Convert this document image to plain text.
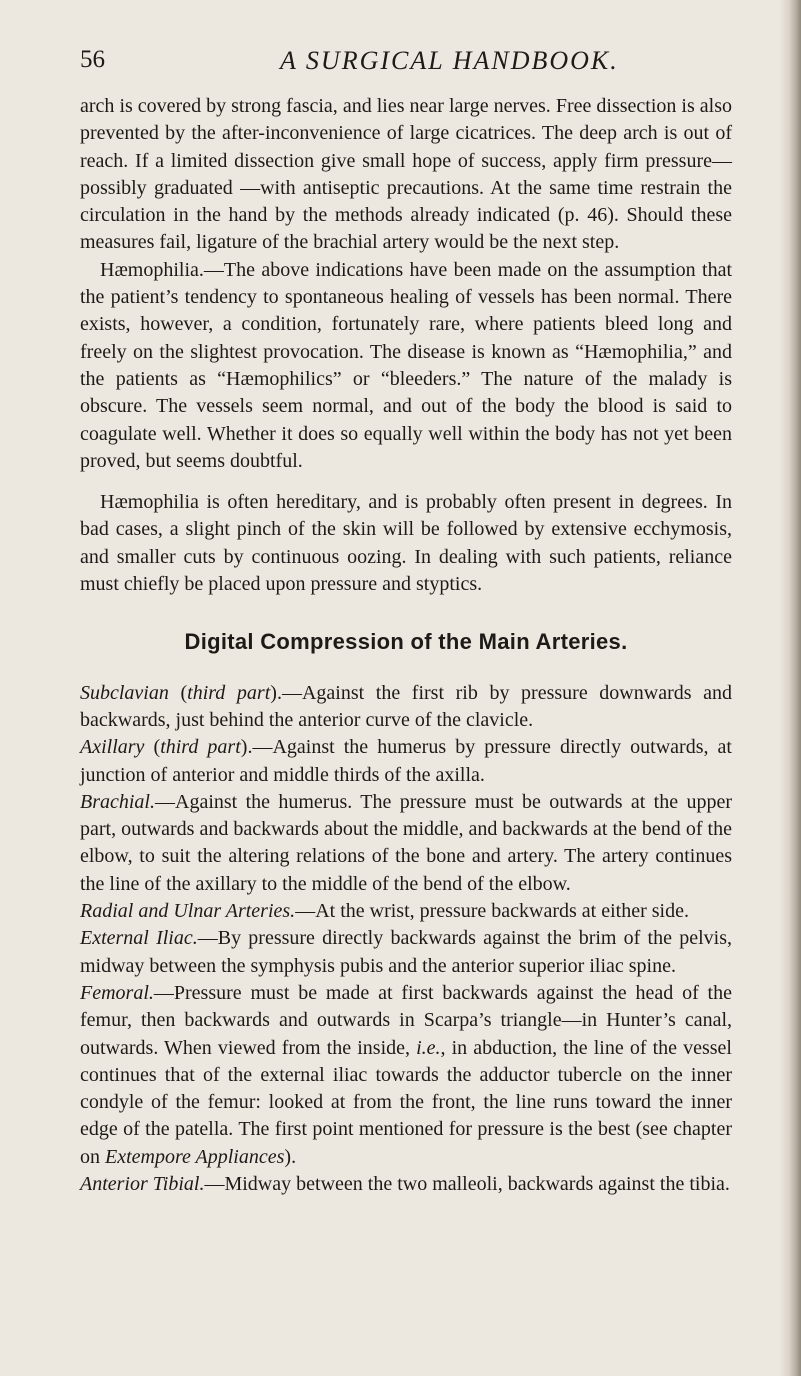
56	A SURGICAL HANDBOOK.

arch is covered by strong fascia, and lies near large nerves. Free dissection is also prevented by the after-inconvenience of large cicatrices. The deep arch is out of reach. If a limited dissection give small hope of success, apply firm pressure—possibly graduated —with antiseptic precautions. At the same time restrain the circulation in the hand by the methods already indicated (p. 46). Should these measures fail, ligature of the brachial artery would be the next step.

Hæmophilia.—The above indications have been made on the assumption that the patient’s tendency to spontaneous healing of vessels has been normal. There exists, however, a condition, fortunately rare, where patients bleed long and freely on the slightest provocation. The disease is known as “Hæmophilia,” and the patients as “Hæmophilics” or “bleeders.” The nature of the malady is obscure. The vessels seem normal, and out of the body the blood is said to coagulate well. Whether it does so equally well within the body has not yet been proved, but seems doubtful.

Hæmophilia is often hereditary, and is probably often present in degrees. In bad cases, a slight pinch of the skin will be followed by extensive ecchymosis, and smaller cuts by continuous oozing. In dealing with such patients, reliance must chiefly be placed upon pressure and styptics.

Digital Compression of the Main Arteries.

Subclavian (third part).—Against the first rib by pressure downwards and backwards, just behind the anterior curve of the clavicle.

Axillary (third part).—Against the humerus by pressure directly outwards, at junction of anterior and middle thirds of the axilla.

Brachial.—Against the humerus. The pressure must be outwards at the upper part, outwards and backwards about the middle, and backwards at the bend of the elbow, to suit the altering relations of the bone and artery. The artery continues the line of the axillary to the middle of the bend of the elbow.

Radial and Ulnar Arteries.—At the wrist, pressure backwards at either side.

External Iliac.—By pressure directly backwards against the brim of the pelvis, midway between the symphysis pubis and the anterior superior iliac spine.

Femoral.—Pressure must be made at first backwards against the head of the femur, then backwards and outwards in Scarpa’s triangle—in Hunter’s canal, outwards. When viewed from the inside, i.e., in abduction, the line of the vessel continues that of the external iliac towards the adductor tubercle on the inner condyle of the femur: looked at from the front, the line runs toward the inner edge of the patella. The first point mentioned for pressure is the best (see chapter on Extempore Appliances).

Anterior Tibial.—Midway between the two malleoli, backwards against the tibia.
